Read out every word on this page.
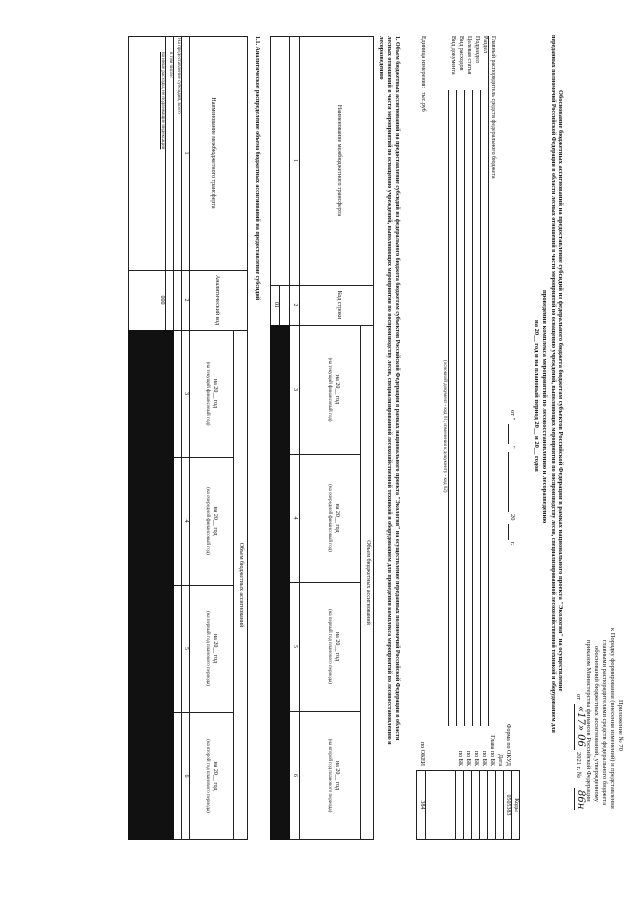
Приложение № 70
к Порядку формирования (внесения изменений) и представления
главными распорядителями средств федерального бюджета
обоснований бюджетных ассигнований, утвержденному
приказом Министерства финансов Российской Федерации
от
«17» 06
2021 г. №
86н
Обоснование бюджетных ассигнований на предоставление субсидий из федерального бюджета бюджетам субъектов Российской Федерации в рамках национального проекта "Экология" на осуществление
переданных полномочий Российской Федерации в области лесных отношений в части мероприятий по оснащению учреждений, выполняющих мероприятия по воспроизводству лесов, специализированной лесохозяйственной техникой и оборудованием для
проведения комплекса мероприятий по лесовосстановлению и лесоразведению
на 20__ год и на плановый период 20__ и 20__ годов
от "
"
20
г.
Коды
0505383
384
Форма по ОКУД
Дата
Глава по БК
по БК
по БК
по БК
по БК
по ОКЕИ
Главный распорядитель средств федерального бюджета
Раздел
Подраздел
Целевая статья
Вид расходов
Вид документа
(основной документ - код 01; изменения к документу - код 02)
Единица измерения:
тыс.руб
1. Объем бюджетных ассигнований на предоставление субсидий из федерального бюджета бюджетам субъектов Российской Федерации в рамках национального проекта "Экология" на осуществление переданных полномочий Российской Федерации в области
лесных отношений в части мероприятий по оснащению учреждений, выполняющих мероприятия по воспроизводству лесов, специализированной лесохозяйственной техникой и оборудованием для проведения комплекса мероприятий по лесовосстановлению и
лесоразведению
Наименование межбюджетного трансферта
Код строки
Объем бюджетных ассигнований
на 20__ год
(на текущий финансовый год)
на 20__ год
(на очередной финансовый год)
на 20__ год
(на первый год планового периода)
на 20__ год
(на второй год планового периода)
1
2
3
4
5
6
01
1.1. Аналитическое распределение объема бюджетных ассигнований на предоставление субсидий
Наименование межбюджетного трансферта
Аналитический код
Объем бюджетных ассигнований
на 20__ год
(на текущий финансовый год)
на 20__ год
(на очередной финансовый год)
на 20__ год
(на первый год планового периода)
на 20__ год
(на второй год планового периода)
1
2
3
4
5
6
На предоставление субсидий, всего
в том числе:
на иные расходы, не подлежащие индексации
000
